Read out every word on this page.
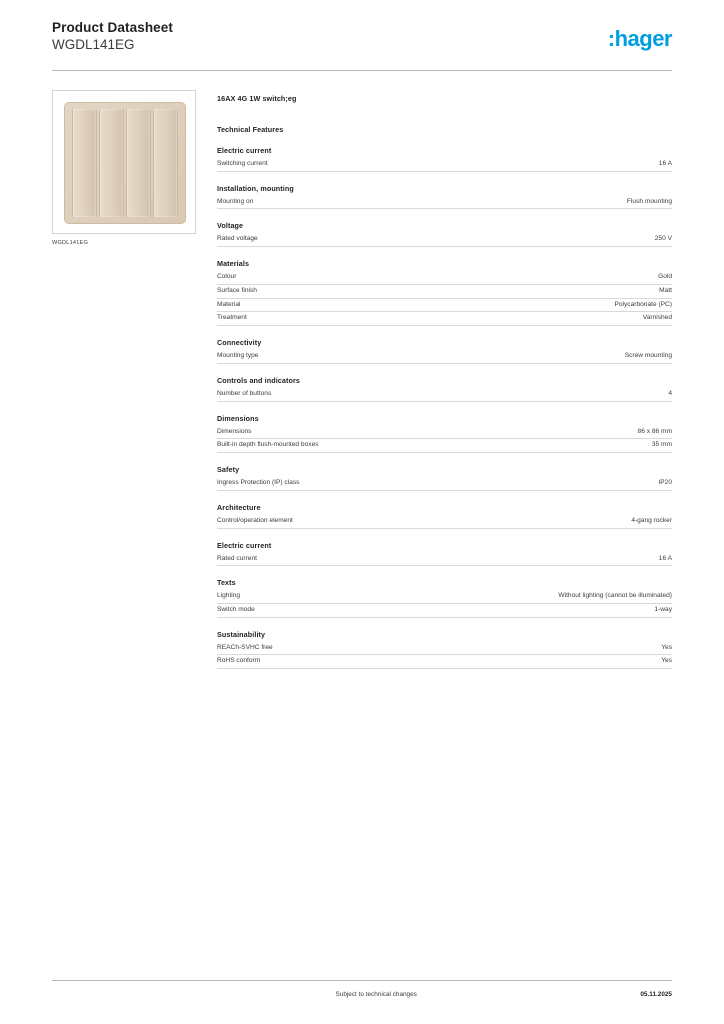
Product Datasheet
WGDL141EG	:hager
WGDL141EG
16AX 4G 1W switch;eg
Technical Features
Electric current
Switching current	16 A
Installation, mounting
Mounting on	Flush mounting
Voltage
Rated voltage	250 V
Materials
Colour	Gold
Surface finish	Matt
Material	Polycarbonate (PC)
Treatment	Varnished
Connectivity
Mounting type	Screw mounting
Controls and indicators
Number of buttons	4
Dimensions
Dimensions	86 x 86 mm
Built-in depth flush-mounted boxes	35 mm
Safety
Ingress Protection (IP) class	IP20
Architecture
Control/operation element	4-gang rocker
Electric current
Rated current	16 A
Texts
Lighting	Without lighting (cannot be illuminated)
Switch mode	1-way
Sustainability
REACh-SVHC free	Yes
RoHS conform	Yes
Subject to technical changes	05.11.2025
